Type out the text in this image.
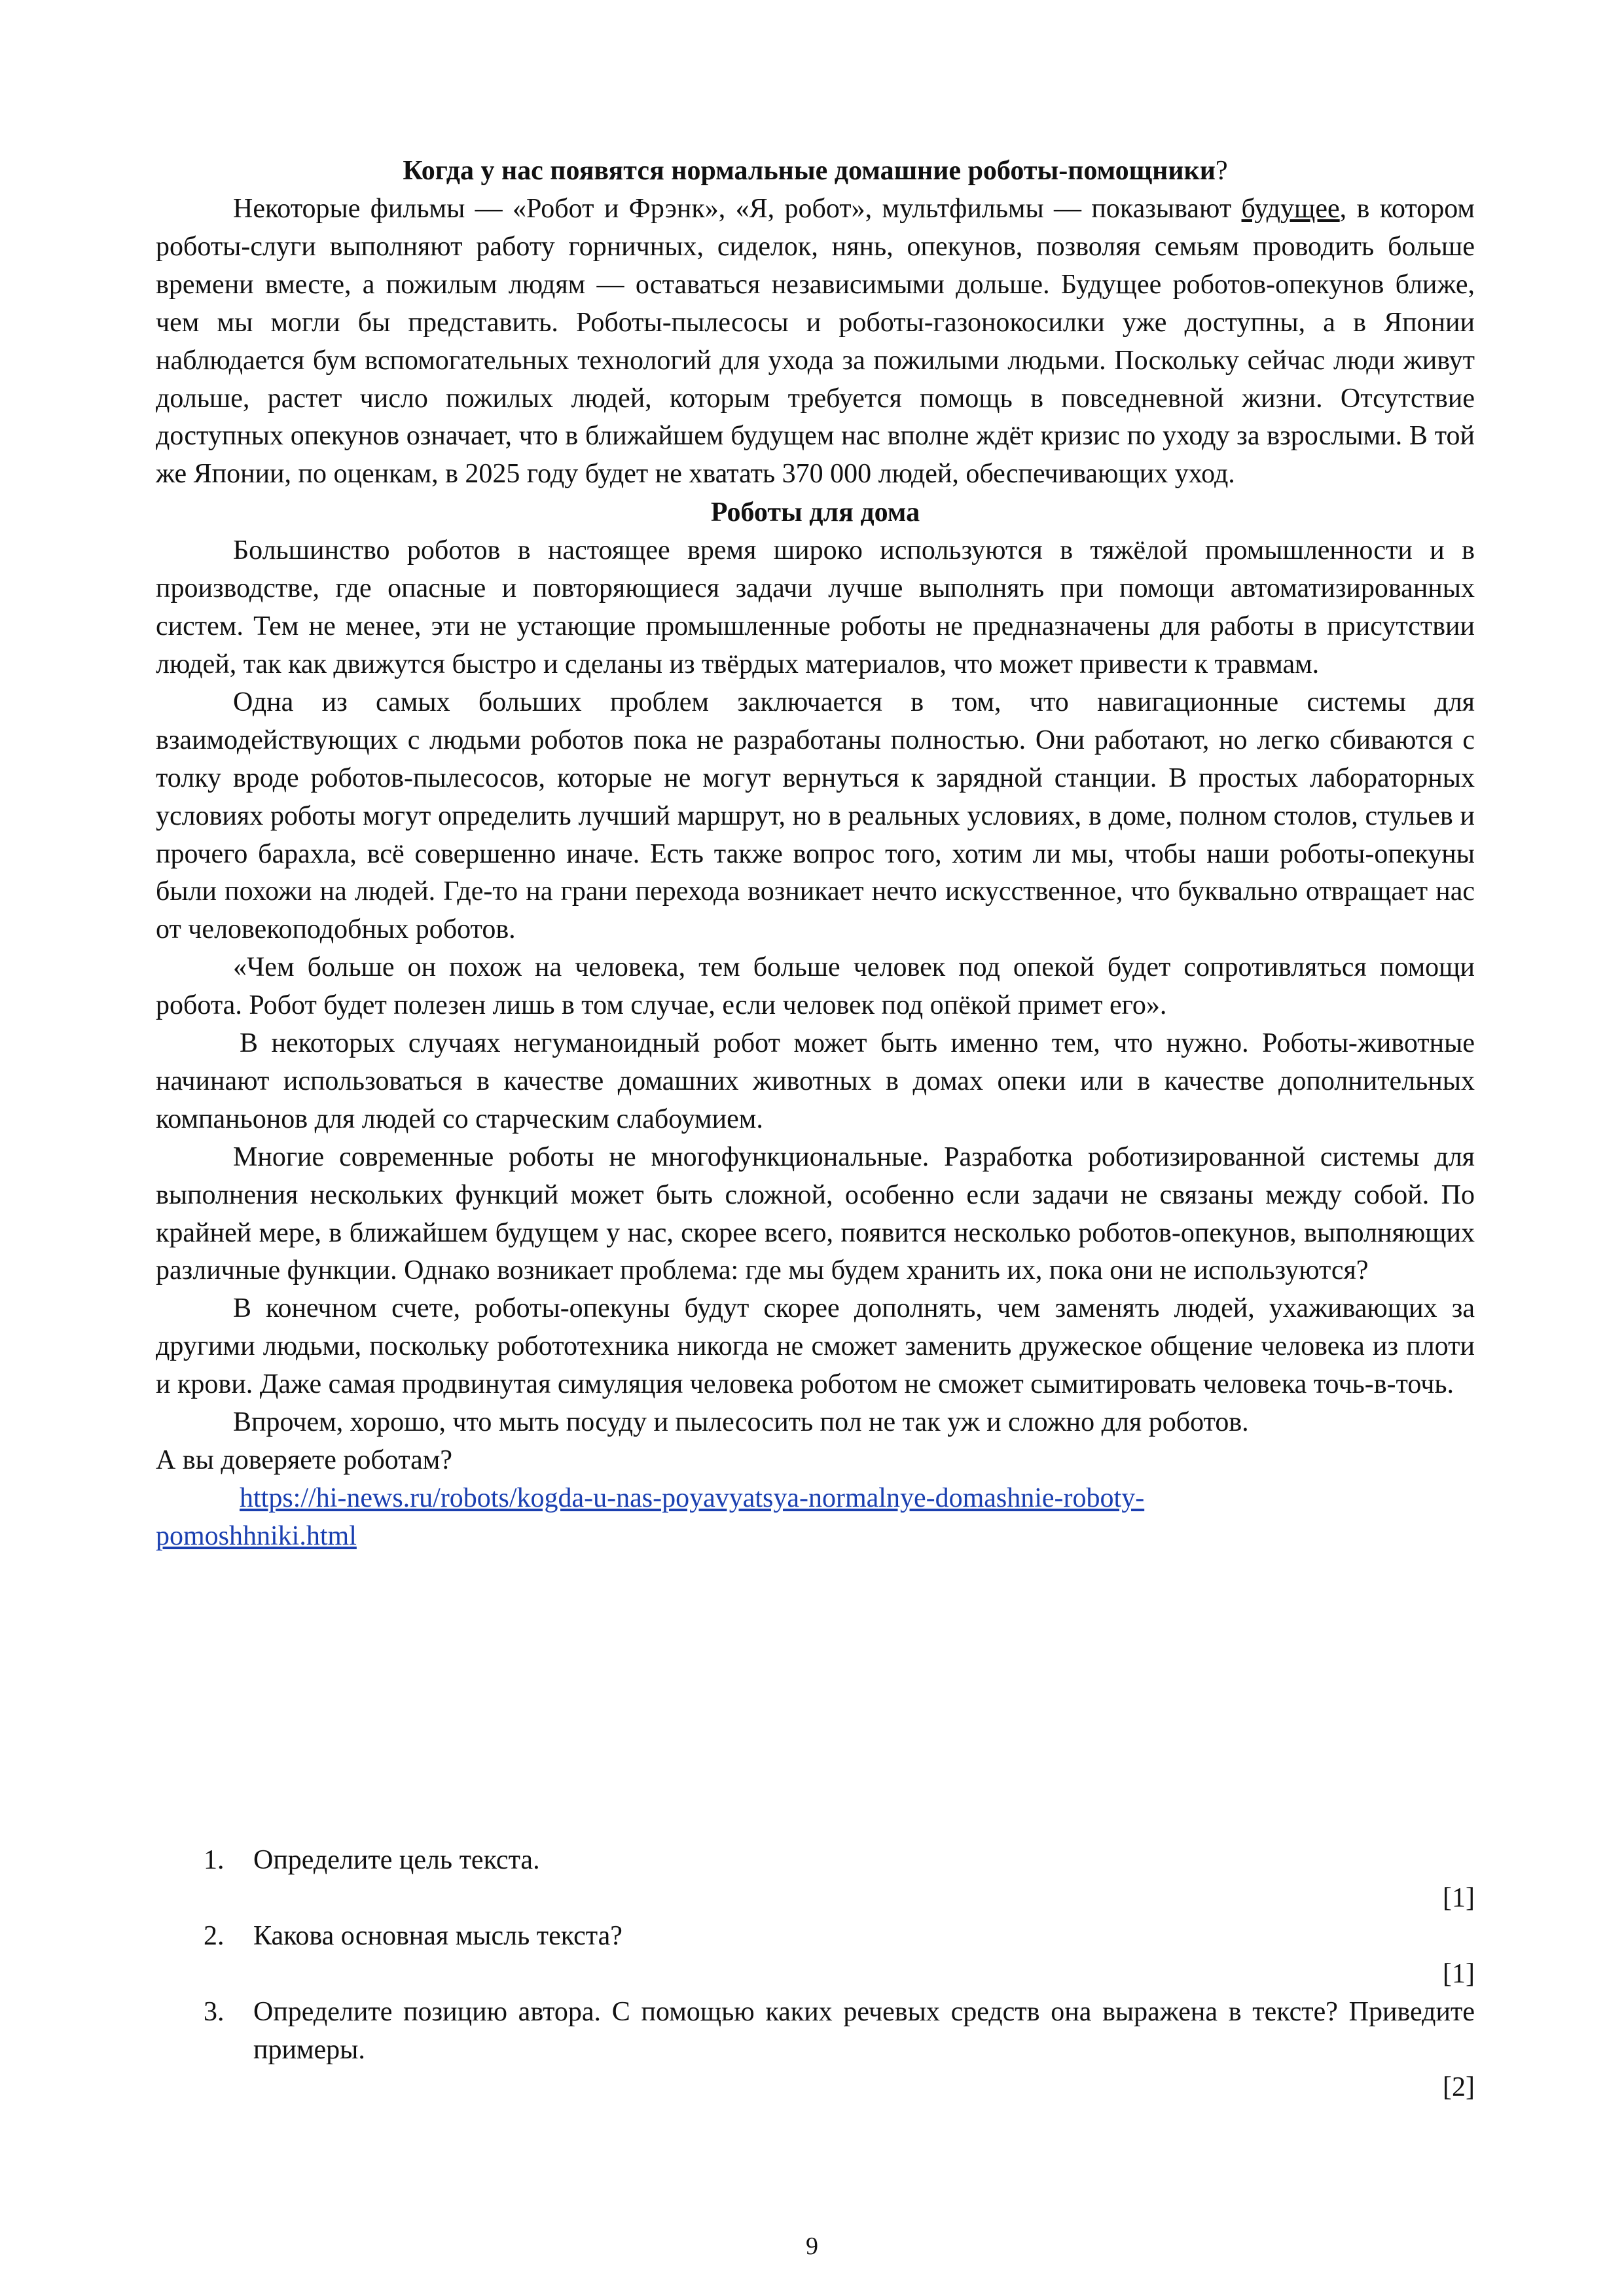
Когда у нас появятся нормальные домашние роботы-помощники?

Некоторые фильмы — «Робот и Фрэнк», «Я, робот», мультфильмы — показывают будущее, в котором роботы-слуги выполняют работу горничных, сиделок, нянь, опекунов, позволяя семьям проводить больше времени вместе, а пожилым людям — оставаться независимыми дольше. Будущее роботов-опекунов ближе, чем мы могли бы представить. Роботы-пылесосы и роботы-газонокосилки уже доступны, а в Японии наблюдается бум вспомогательных технологий для ухода за пожилыми людьми. Поскольку сейчас люди живут дольше, растет число пожилых людей, которым требуется помощь в повседневной жизни. Отсутствие доступных опекунов означает, что в ближайшем будущем нас вполне ждёт кризис по уходу за взрослыми. В той же Японии, по оценкам, в 2025 году будет не хватать 370 000 людей, обеспечивающих уход.

Роботы для дома

Большинство роботов в настоящее время широко используются в тяжёлой промышленности и в производстве, где опасные и повторяющиеся задачи лучше выполнять при помощи автоматизированных систем. Тем не менее, эти не устающие промышленные роботы не предназначены для работы в присутствии людей, так как движутся быстро и сделаны из твёрдых материалов, что может привести к травмам.

Одна из самых больших проблем заключается в том, что навигационные системы для взаимодействующих с людьми роботов пока не разработаны полностью. Они работают, но легко сбиваются с толку вроде роботов-пылесосов, которые не могут вернуться к зарядной станции. В простых лабораторных условиях роботы могут определить лучший маршрут, но в реальных условиях, в доме, полном столов, стульев и прочего барахла, всё совершенно иначе. Есть также вопрос того, хотим ли мы, чтобы наши роботы-опекуны были похожи на людей. Где-то на грани перехода возникает нечто искусственное, что буквально отвращает нас от человекоподобных роботов.

«Чем больше он похож на человека, тем больше человек под опекой будет сопротивляться помощи робота. Робот будет полезен лишь в том случае, если человек под опёкой примет его».

В некоторых случаях негуманоидный робот может быть именно тем, что нужно. Роботы-животные начинают использоваться в качестве домашних животных в домах опеки или в качестве дополнительных компаньонов для людей со старческим слабоумием.

Многие современные роботы не многофункциональные. Разработка роботизированной системы для выполнения нескольких функций может быть сложной, особенно если задачи не связаны между собой. По крайней мере, в ближайшем будущем у нас, скорее всего, появится несколько роботов-опекунов, выполняющих различные функции. Однако возникает проблема: где мы будем хранить их, пока они не используются?

В конечном счете, роботы-опекуны будут скорее дополнять, чем заменять людей, ухаживающих за другими людьми, поскольку робототехника никогда не сможет заменить дружеское общение человека из плоти и крови. Даже самая продвинутая симуляция человека роботом не сможет сымитировать человека точь-в-точь.

Впрочем, хорошо, что мыть посуду и пылесосить пол не так уж и сложно для роботов.

А вы доверяете роботам?

https://hi-news.ru/robots/kogda-u-nas-poyavyatsya-normalnye-domashnie-roboty-

pomoshhniki.html

1. Определите цель текста.
[1]
2. Какова основная мысль текста?
[1]
3. Определите позицию автора. С помощью каких речевых средств она выражена в тексте? Приведите примеры.
[2]
9
